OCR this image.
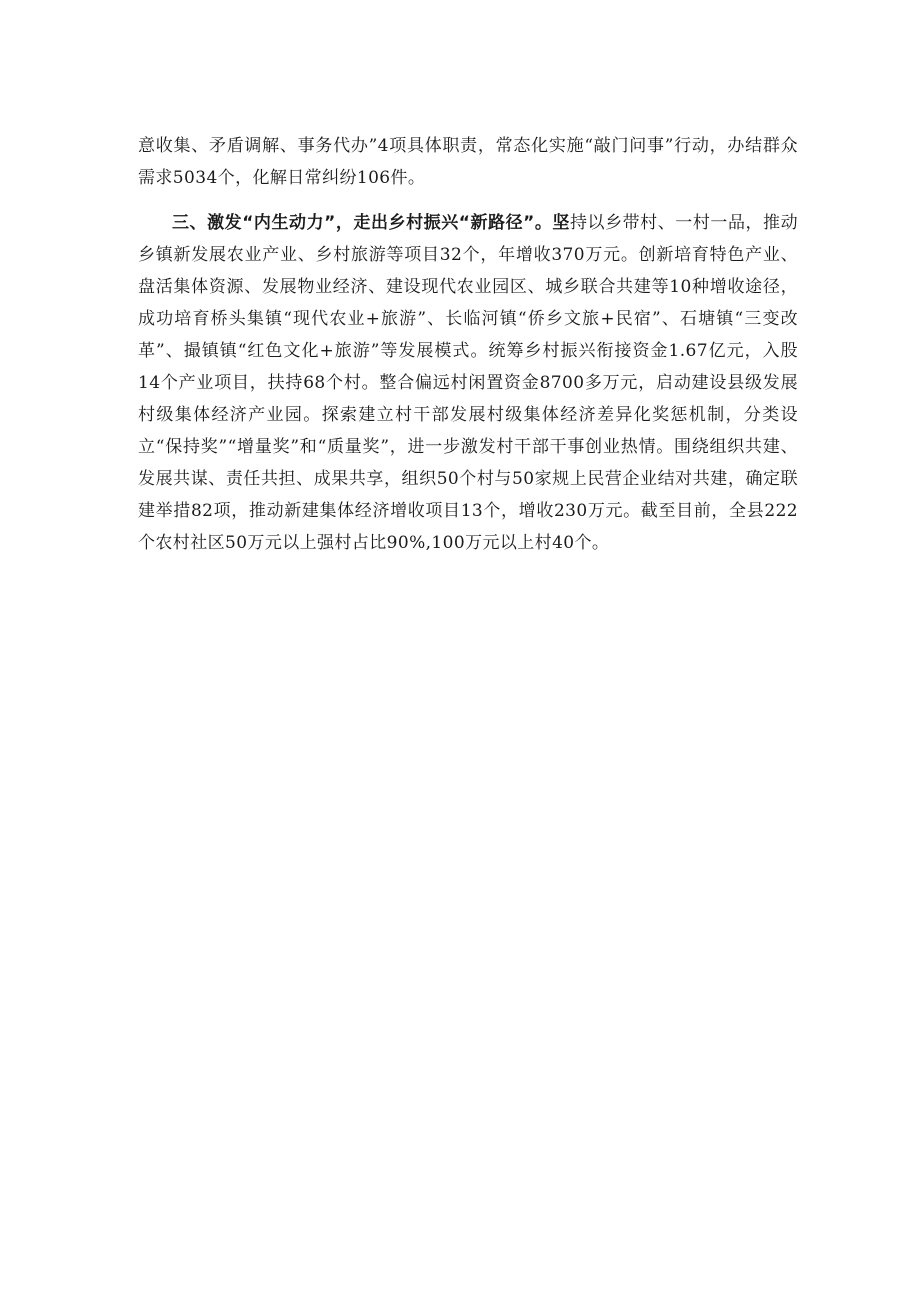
意收集、矛盾调解、事务代办”4项具体职责，常态化实施“敲门问事”行动，办结群众需求5034个，化解日常纠纷106件。

三、激发“内生动力”，走出乡村振兴“新路径”。坚持以乡带村、一村一品，推动乡镇新发展农业产业、乡村旅游等项目32个，年增收370万元。创新培育特色产业、盘活集体资源、发展物业经济、建设现代农业园区、城乡联合共建等10种增收途径，成功培育桥头集镇“现代农业+旅游”、长临河镇“侨乡文旅+民宿”、石塘镇“三变改革”、撮镇镇“红色文化+旅游”等发展模式。统筹乡村振兴衔接资金1.67亿元，入股14个产业项目，扶持68个村。整合偏远村闲置资金8700多万元，启动建设县级发展村级集体经济产业园。探索建立村干部发展村级集体经济差异化奖惩机制，分类设立“保持奖”“增量奖”和“质量奖”，进一步激发村干部干事创业热情。围绕组织共建、发展共谋、责任共担、成果共享，组织50个村与50家规上民营企业结对共建，确定联建举措82项，推动新建集体经济增收项目13个，增收230万元。截至目前，全县222个农村社区50万元以上强村占比90%,100万元以上村40个。
